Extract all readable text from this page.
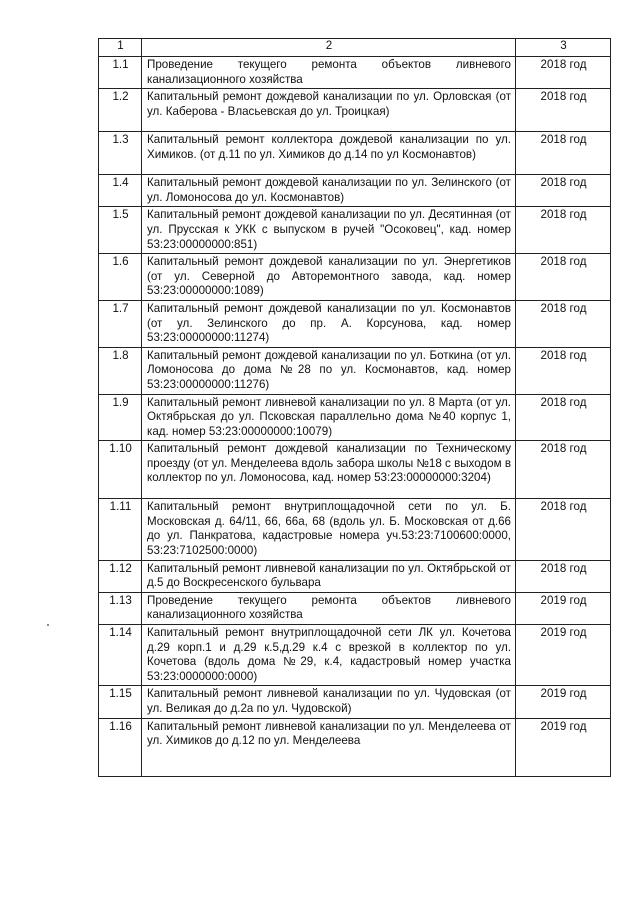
1	2	3
1.1	Проведение текущего ремонта объектов ливневого канализационного хозяйства	2018 год
1.2	Капитальный ремонт дождевой канализации по ул. Орловская (от ул. Каберова - Власьевская до ул. Троицкая)	2018 год
1.3	Капитальный ремонт коллектора дождевой канализации по ул. Химиков. (от д.11 по ул. Химиков до д.14 по ул Космонавтов)	2018 год
1.4	Капитальный ремонт дождевой канализации по ул. Зелинского (от ул. Ломоносова до ул. Космонавтов)	2018 год
1.5	Капитальный ремонт дождевой канализации по ул. Десятинная (от ул. Прусская к УКК с выпуском в ручей "Осоковец", кад. номер 53:23:00000000:851)	2018 год
1.6	Капитальный ремонт дождевой канализации по ул. Энергетиков (от ул. Северной до Авторемонтного завода, кад. номер 53:23:00000000:1089)	2018 год
1.7	Капитальный ремонт дождевой канализации по ул. Космонавтов (от ул. Зелинского до пр. А. Корсунова, кад. номер 53:23:00000000:11274)	2018 год
1.8	Капитальный ремонт дождевой канализации по ул. Боткина (от ул. Ломоносова до дома №28 по ул. Космонавтов, кад. номер 53:23:00000000:11276)	2018 год
1.9	Капитальный ремонт ливневой канализации по ул. 8 Марта (от ул. Октябрьская до ул. Псковская параллельно дома №40 корпус 1, кад. номер 53:23:00000000:10079)	2018 год
1.10	Капитальный ремонт дождевой канализации по Техническому проезду (от ул. Менделеева вдоль забора школы №18 с выходом в коллектор по ул. Ломоносова, кад. номер 53:23:00000000:3204)	2018 год
1.11	Капитальный ремонт внутриплощадочной сети по ул. Б. Московская д. 64/11, 66, 66а, 68 (вдоль ул. Б. Московская от д.66 до ул. Панкратова, кадастровые номера уч.53:23:7100600:0000, 53:23:7102500:0000)	2018 год
1.12	Капитальный ремонт ливневой канализации по ул. Октябрьской от д.5 до Воскресенского бульвара	2018 год
1.13	Проведение текущего ремонта объектов ливневого канализационного хозяйства	2019 год
1.14	Капитальный ремонт внутриплощадочной сети ЛК ул. Кочетова д.29 корп.1 и д.29 к.5,д.29 к.4 с врезкой в коллектор по ул. Кочетова (вдоль дома №29, к.4, кадастровый номер участка 53:23:0000000:0000)	2019 год
1.15	Капитальный ремонт ливневой канализации по ул. Чудовская (от ул. Великая до д.2а по ул. Чудовской)	2019 год
1.16	Капитальный ремонт ливневой канализации по ул. Менделеева от ул. Химиков до д.12 по ул. Менделеева	2019 год
